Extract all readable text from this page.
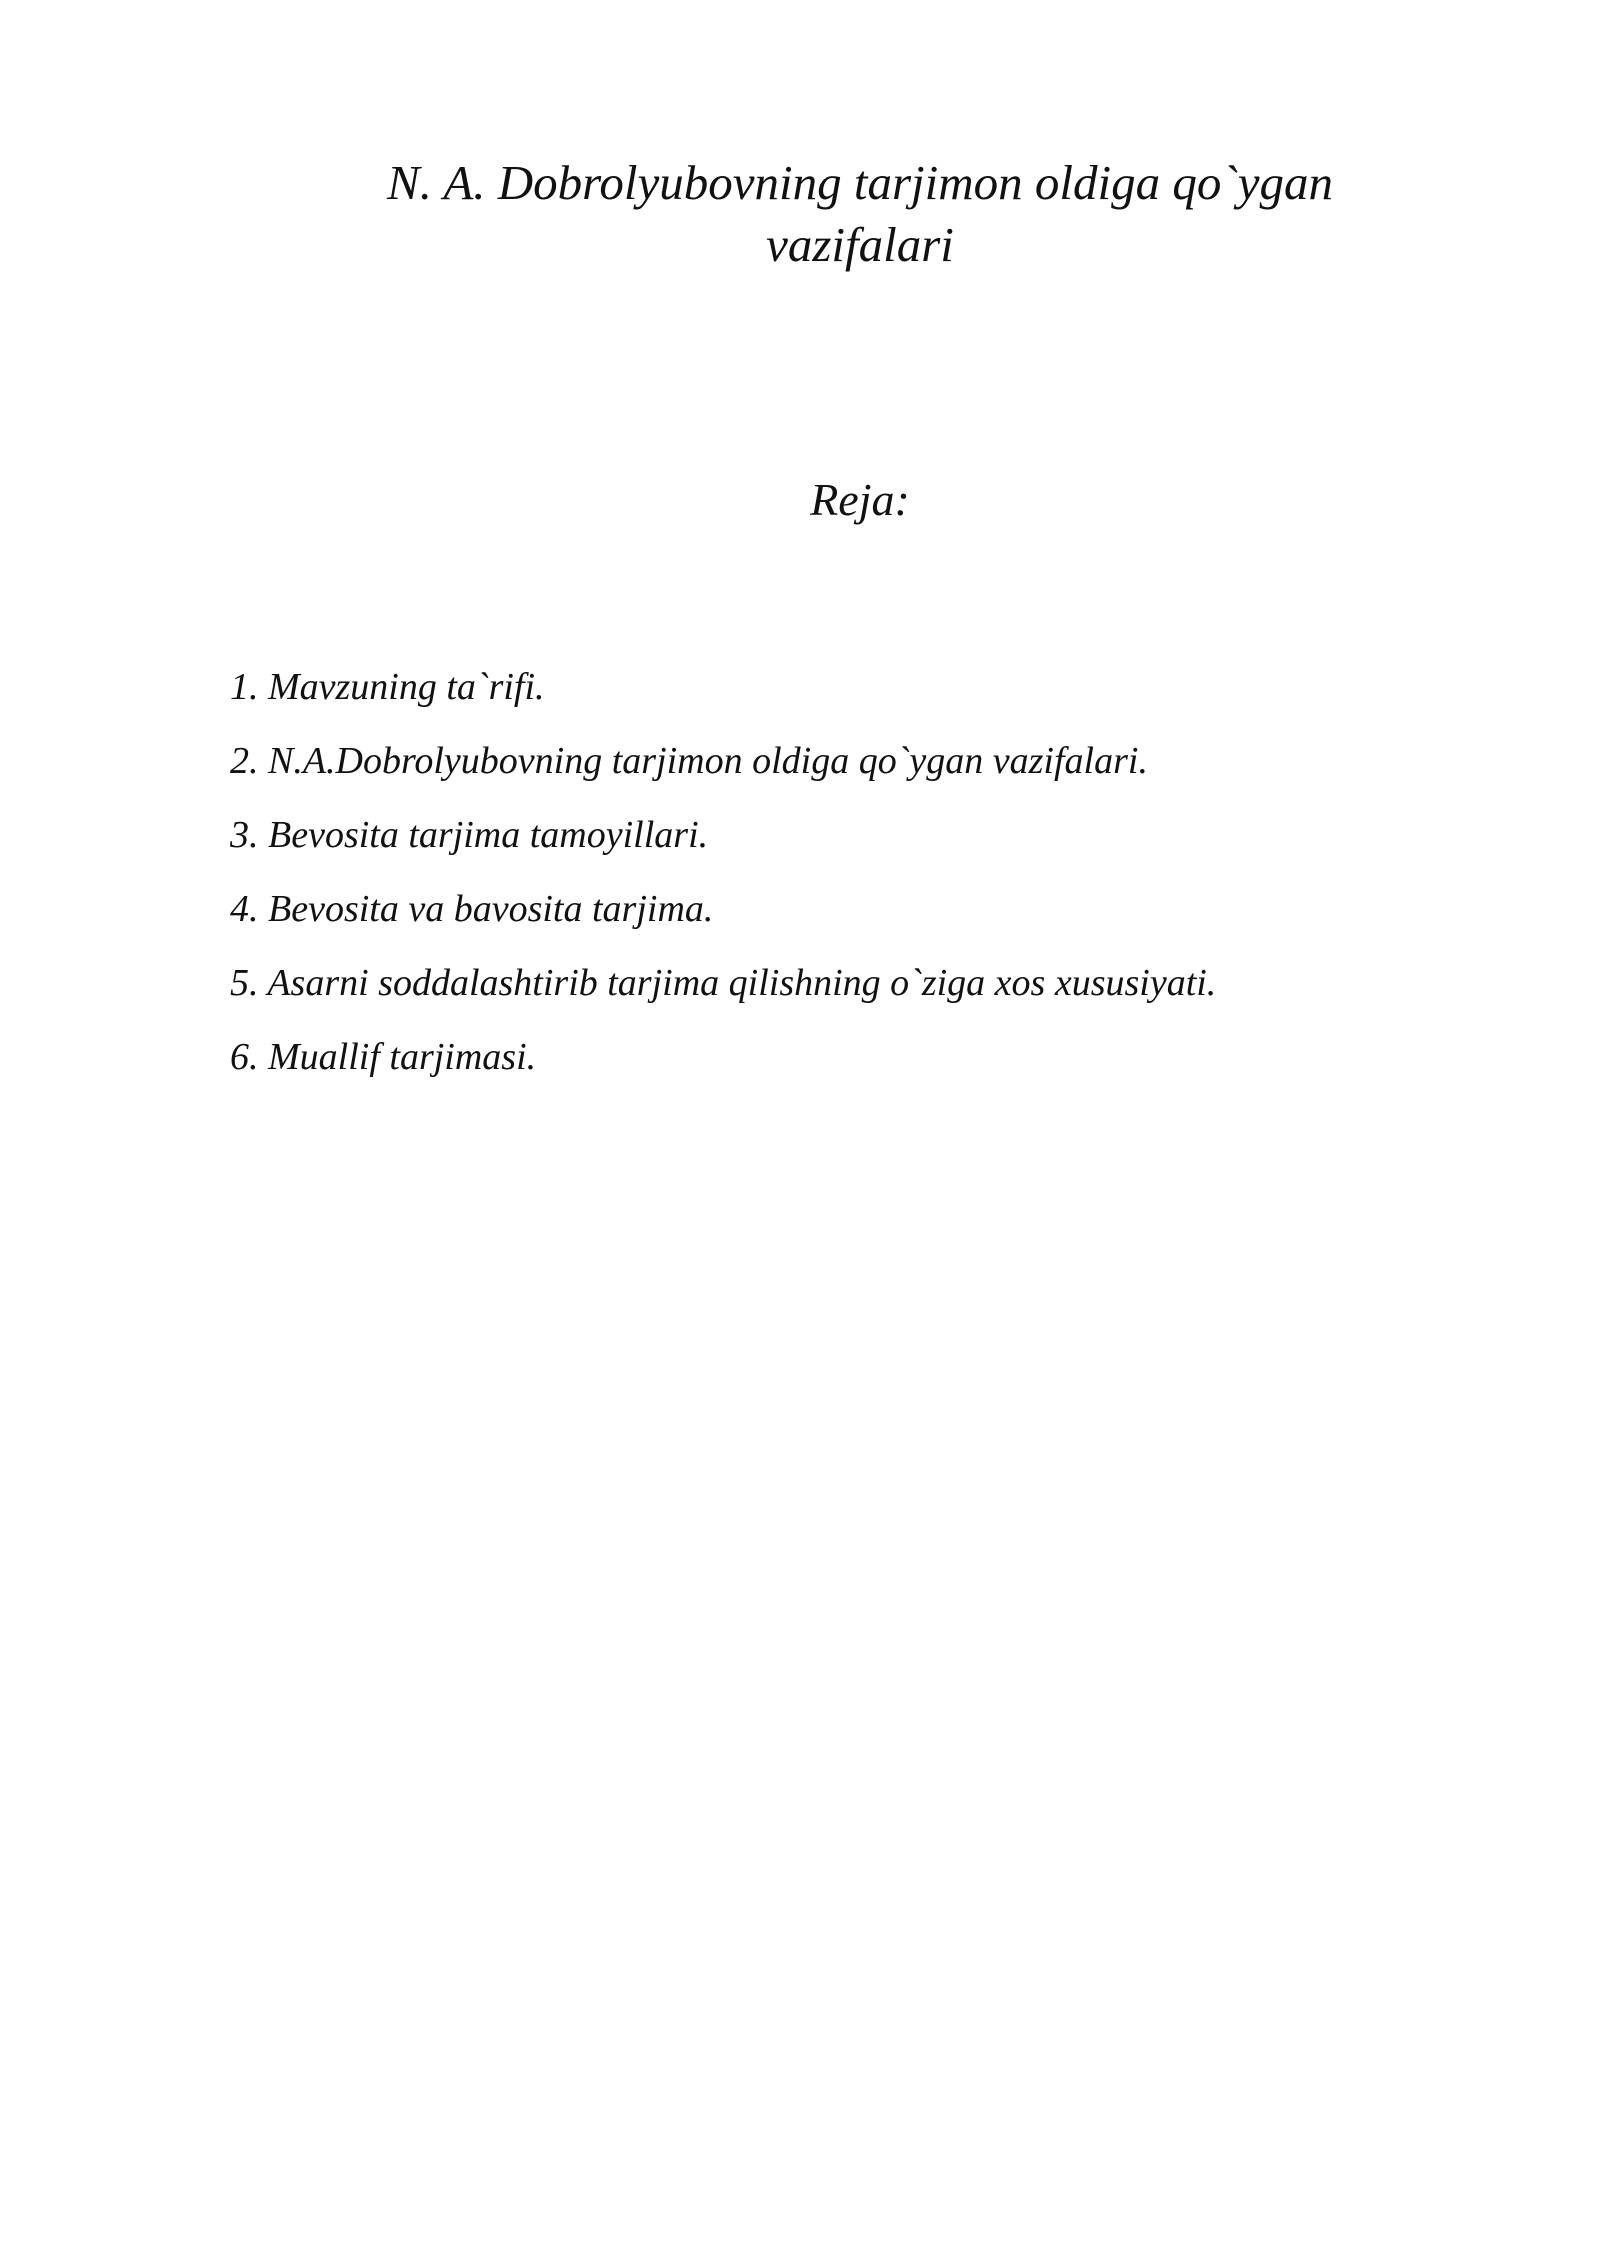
N. A. Dobrolyubovning tarjimon oldiga qo`ygan
vazifalari
Reja:
1. Mavzuning ta`rifi.
2. N.A.Dobrolyubovning tarjimon oldiga qo`ygan vazifalari.
3. Bevosita tarjima tamoyillari.
4. Bevosita va bavosita tarjima.
5. Asarni soddalashtirib tarjima qilishning o`ziga xos xususiyati.
6. Muallif tarjimasi.
